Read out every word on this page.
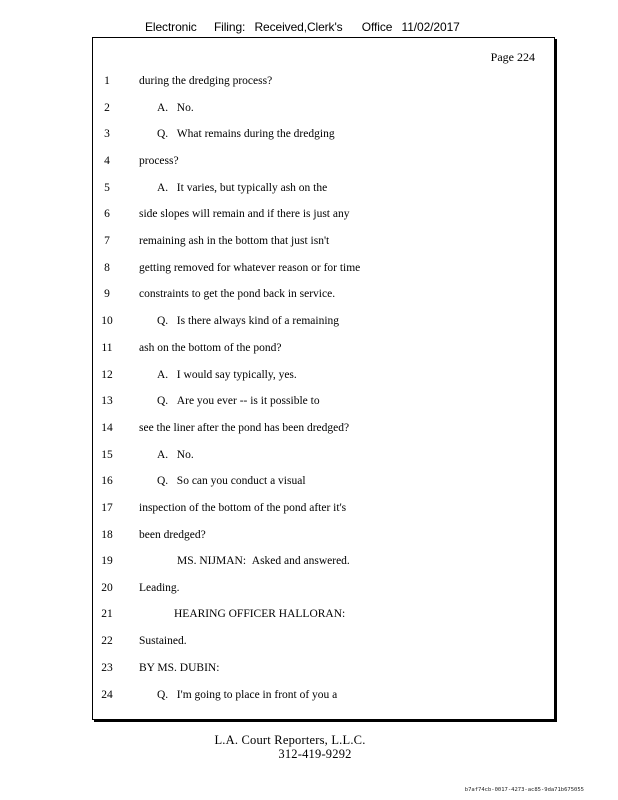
Electronic Filing: Received,Clerk's Office 11/02/2017
Page 224
1	during the dredging process?
2	A.   No.
3	Q.   What remains during the dredging
4	process?
5	A.   It varies, but typically ash on the
6	side slopes will remain and if there is just any
7	remaining ash in the bottom that just isn't
8	getting removed for whatever reason or for time
9	constraints to get the pond back in service.
10	Q.   Is there always kind of a remaining
11	ash on the bottom of the pond?
12	A.   I would say typically, yes.
13	Q.   Are you ever -- is it possible to
14	see the liner after the pond has been dredged?
15	A.   No.
16	Q.   So can you conduct a visual
17	inspection of the bottom of the pond after it's
18	been dredged?
19	MS. NIJMAN:  Asked and answered.
20	Leading.
21	HEARING OFFICER HALLORAN:
22	Sustained.
23	BY MS. DUBIN:
24	Q.   I'm going to place in front of you a
L.A. Court Reporters, L.L.C.
312-419-9292
b7af74cb-0017-4273-ac85-9da71b675055
